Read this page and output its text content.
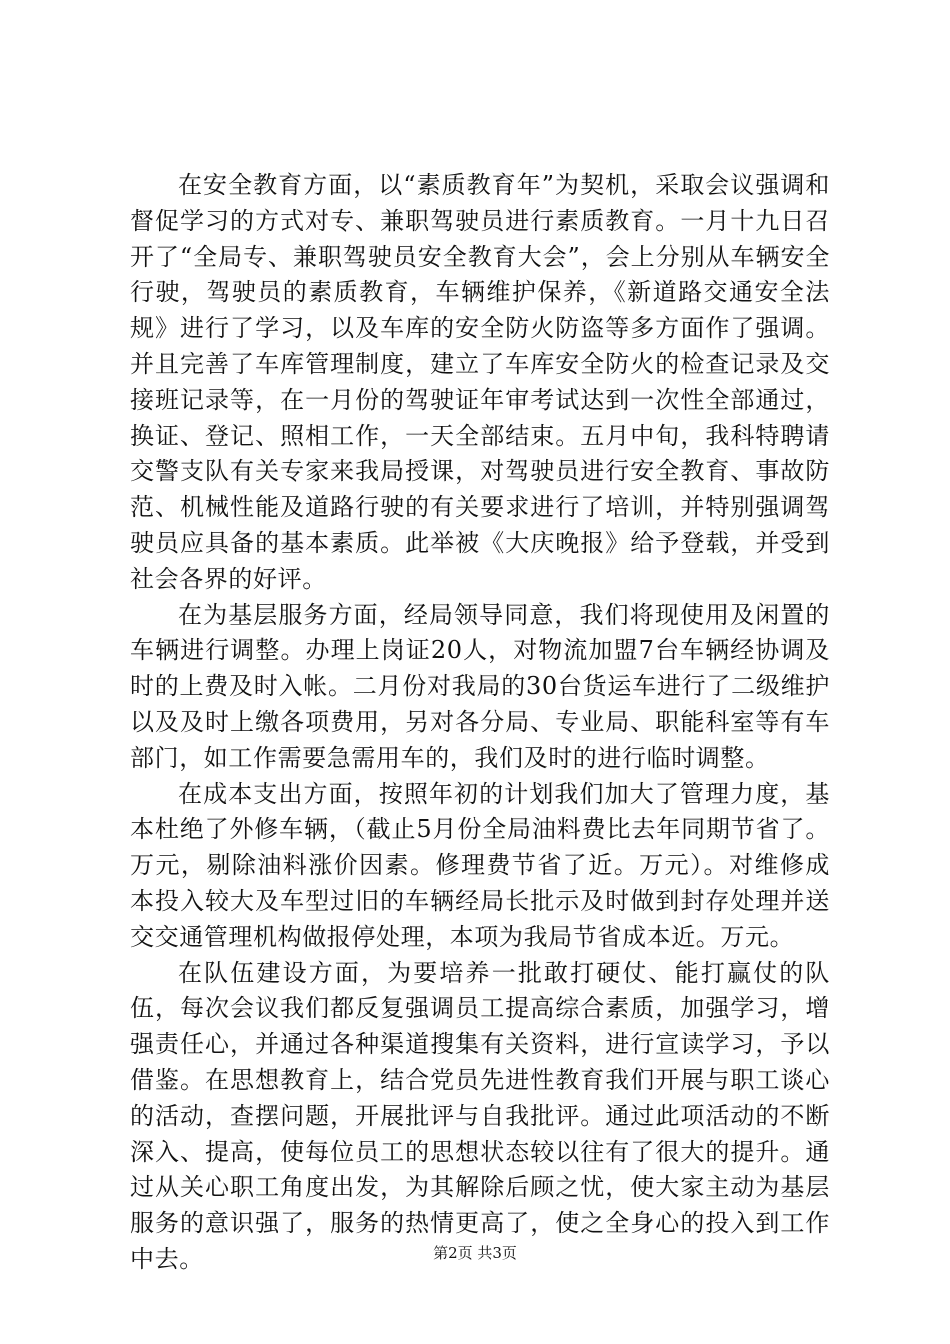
在安全教育方面，以“素质教育年”为契机，采取会议强调和督促学习的方式对专、兼职驾驶员进行素质教育。一月十九日召开了“全局专、兼职驾驶员安全教育大会”，会上分别从车辆安全行驶，驾驶员的素质教育，车辆维护保养，《新道路交通安全法规》进行了学习，以及车库的安全防火防盗等多方面作了强调。并且完善了车库管理制度，建立了车库安全防火的检查记录及交接班记录等，在一月份的驾驶证年审考试达到一次性全部通过，换证、登记、照相工作，一天全部结束。五月中旬，我科特聘请交警支队有关专家来我局授课，对驾驶员进行安全教育、事故防范、机械性能及道路行驶的有关要求进行了培训，并特别强调驾驶员应具备的基本素质。此举被《大庆晚报》给予登载，并受到社会各界的好评。

在为基层服务方面，经局领导同意，我们将现使用及闲置的车辆进行调整。办理上岗证20人，对物流加盟7台车辆经协调及时的上费及时入帐。二月份对我局的30台货运车进行了二级维护以及及时上缴各项费用，另对各分局、专业局、职能科室等有车部门，如工作需要急需用车的，我们及时的进行临时调整。

在成本支出方面，按照年初的计划我们加大了管理力度，基本杜绝了外修车辆，（截止5月份全局油料费比去年同期节省了。万元，剔除油料涨价因素。修理费节省了近。万元）。对维修成本投入较大及车型过旧的车辆经局长批示及时做到封存处理并送交交通管理机构做报停处理，本项为我局节省成本近。万元。

在队伍建设方面，为要培养一批敢打硬仗、能打赢仗的队伍，每次会议我们都反复强调员工提高综合素质，加强学习，增强责任心，并通过各种渠道搜集有关资料，进行宣读学习，予以借鉴。在思想教育上，结合党员先进性教育我们开展与职工谈心的活动，查摆问题，开展批评与自我批评。通过此项活动的不断深入、提高，使每位员工的思想状态较以往有了很大的提升。通过从关心职工角度出发，为其解除后顾之忧，使大家主动为基层服务的意识强了，服务的热情更高了，使之全身心的投入到工作中去。	第2页 共3页
